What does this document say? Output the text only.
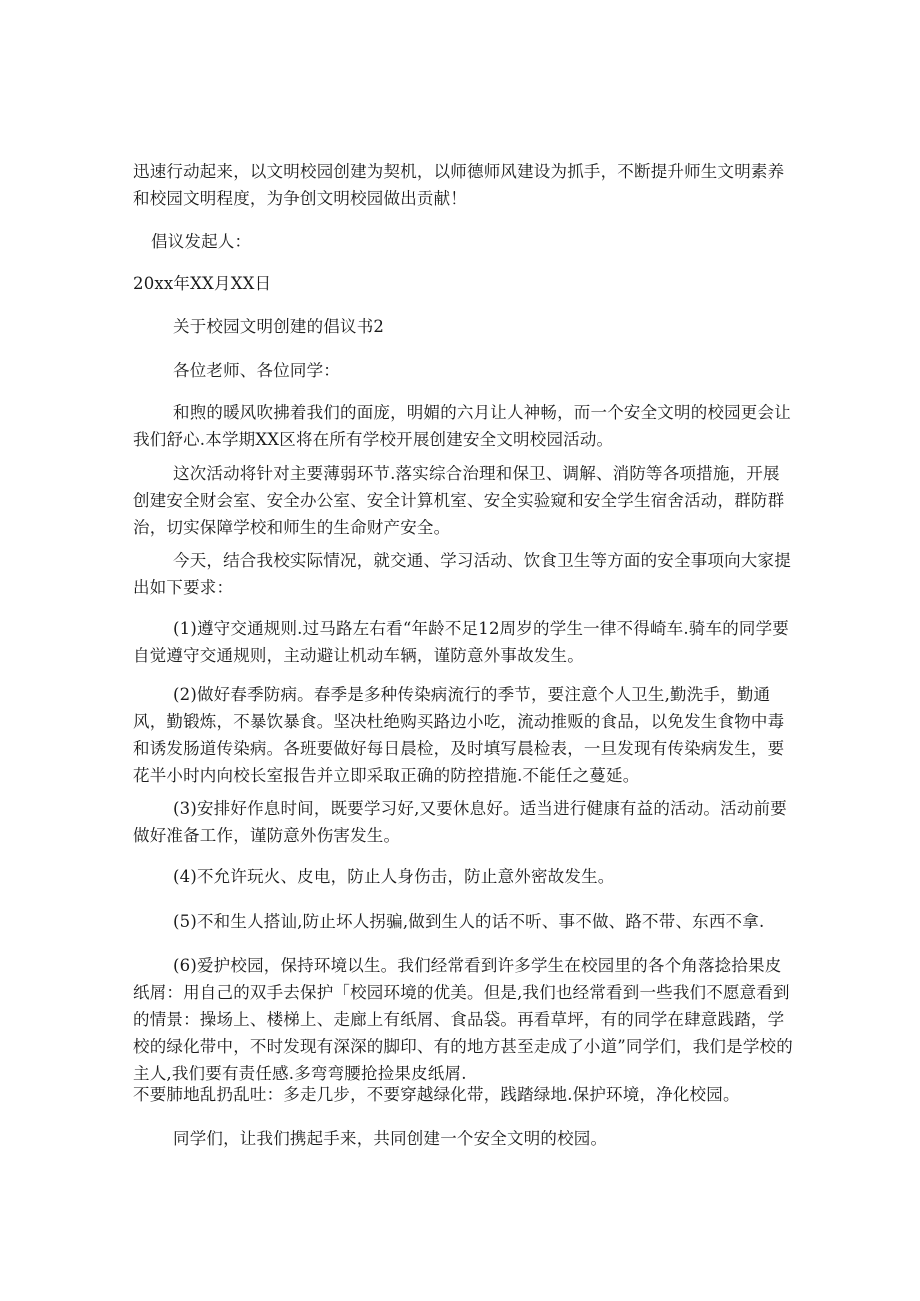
迅速行动起来，以文明校园创建为契机，以师德师风建设为抓手，不断提升师生文明素养和校园文明程度，为争创文明校园做出贡献！

倡议发起人：

20xx年XX月XX日

关于校园文明创建的倡议书2

各位老师、各位同学：

和煦的暖风吹拂着我们的面庞，明媚的六月让人神畅，而一个安全文明的校园更会让我们舒心.本学期XX区将在所有学校开展创建安全文明校园活动。

这次活动将针对主要薄弱环节.落实综合治理和保卫、调解、消防等各项措施，开展创建安全财会室、安全办公室、安全计算机室、安全实验窥和安全学生宿舍活动，群防群治，切实保障学校和师生的生命财产安全。

今天，结合我校实际情况，就交通、学习活动、饮食卫生等方面的安全事项向大家提出如下要求：

(1)遵守交通规则.过马路左右看“年龄不足12周岁的学生一律不得崎车.骑车的同学要自觉遵守交通规则，主动避让机动车辆，谨防意外事故发生。

(2)做好春季防病。春季是多种传染病流行的季节，要注意个人卫生,勤洗手，勤通风，勤锻炼，不暴饮暴食。坚决杜绝购买路边小吃，流动推贩的食品，以免发生食物中毒和诱发肠道传染病。各班要做好每日晨检，及时填写晨检表，一旦发现有传染病发生，要花半小时内向校长室报告并立即采取正确的防控措施.不能任之蔓延。

(3)安排好作息时间，既要学习好,又要休息好。适当进行健康有益的活动。活动前要做好准备工作，谨防意外伤害发生。

(4)不允许玩火、皮电，防止人身伤击，防止意外密故发生。

(5)不和生人搭讪,防止坏人拐骗,做到生人的话不听、事不做、路不带、东西不拿.

(6)爱护校园，保持环境以生。我们经常看到许多学生在校园里的各个角落捻拾果皮纸屑：用自己的双手去保护「校园环境的优美。但是,我们也经常看到一些我们不愿意看到的情景：操场上、楼梯上、走廊上有纸屑、食品袋。再看草坪，有的同学在肆意践踏，学校的绿化带中，不时发现有深深的脚印、有的地方甚至走成了小道”同学们，我们是学校的主人,我们要有责任感.多弯弯腰抢捡果皮纸屑.

不要肺地乱扔乱吐：多走几步，不要穿越绿化带，践踏绿地.保护环境，净化校园。

同学们，让我们携起手来，共同创建一个安全文明的校园。
